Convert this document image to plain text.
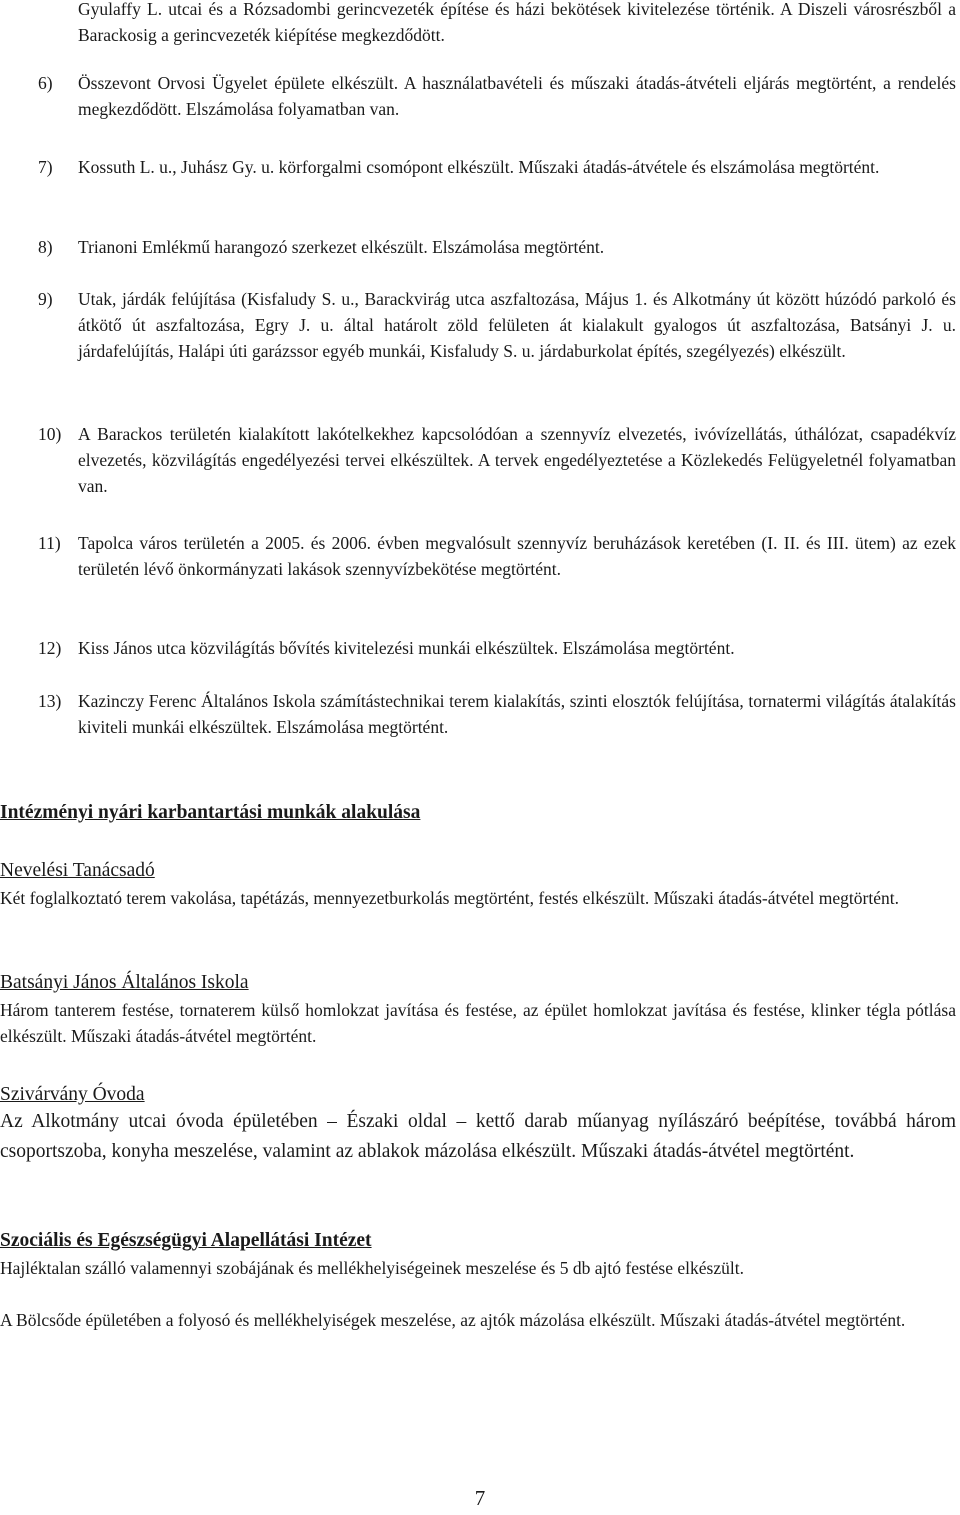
Gyulaffy L. utcai és a Rózsadombi gerincvezeték építése és házi bekötések kivitelezése történik. A Diszeli városrészből a Barackosig a gerincvezeték kiépítése megkezdődött.

6)	Összevont Orvosi Ügyelet épülete elkészült. A használatbavételi és műszaki átadás-átvételi eljárás megtörtént, a rendelés megkezdődött. Elszámolása folyamatban van.

7)	Kossuth L. u., Juhász Gy. u. körforgalmi csomópont elkészült. Műszaki átadás-átvétele és elszámolása megtörtént.

8)	Trianoni Emlékmű harangozó szerkezet elkészült. Elszámolása megtörtént.

9)	Utak, járdák felújítása (Kisfaludy S. u., Barackvirág utca aszfaltozása, Május 1. és Alkotmány út között húzódó parkoló és átkötő út aszfaltozása, Egry J. u. által határolt zöld felületen át kialakult gyalogos út aszfaltozása, Batsányi J. u. járdafelújítás, Halápi úti garázssor egyéb munkái, Kisfaludy S. u. járdaburkolat építés, szegélyezés) elkészült.

10) A Barackos területén kialakított lakótelkekhez kapcsolódóan a szennyvíz elvezetés, ivóvízellátás, úthálózat, csapadékvíz elvezetés, közvilágítás engedélyezési tervei elkészültek. A tervek engedélyeztetése a Közlekedés Felügyeletnél folyamatban van.

11) Tapolca város területén a 2005. és 2006. évben megvalósult szennyvíz beruházások keretében (I. II. és III. ütem) az ezek területén lévő önkormányzati lakások szennyvízbekötése megtörtént.

12) Kiss János utca közvilágítás bővítés kivitelezési munkái elkészültek. Elszámolása megtörtént.

13) Kazinczy Ferenc Általános Iskola számítástechnikai terem kialakítás, szinti elosztók felújítása, tornatermi világítás átalakítás kiviteli munkái elkészültek. Elszámolása megtörtént.

Intézményi nyári karbantartási munkák alakulása
Nevelési Tanácsadó

Két foglalkoztató terem vakolása, tapétázás, mennyezetburkolás megtörtént, festés elkészült. Műszaki átadás-átvétel megtörtént.

Batsányi János Általános Iskola

Három tanterem festése, tornaterem külső homlokzat javítása és festése, az épület homlokzat javítása és festése, klinker tégla pótlása elkészült. Műszaki átadás-átvétel megtörtént.

Szivárvány Óvoda

Az Alkotmány utcai óvoda épületében – Északi oldal – kettő darab műanyag nyílászáró beépítése, továbbá három csoportszoba, konyha meszelése, valamint az ablakok mázolása elkészült. Műszaki átadás-átvétel megtörtént.

Szociális és Egészségügyi Alapellátási Intézet

Hajléktalan szálló valamennyi szobájának és mellékhelyiségeinek meszelése és 5 db ajtó festése elkészült.

A Bölcsőde épületében a folyosó és mellékhelyiségek meszelése, az ajtók mázolása elkészült. Műszaki átadás-átvétel megtörtént.

7
